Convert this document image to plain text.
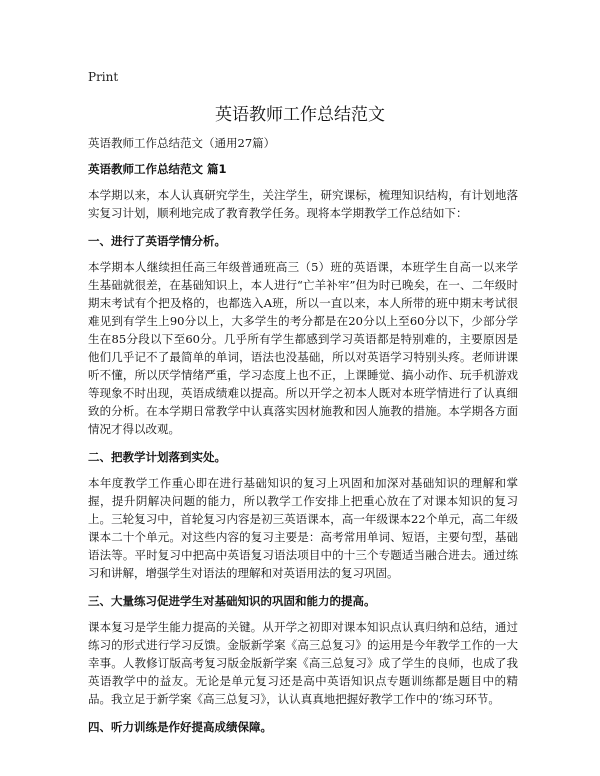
Print
英语教师工作总结范文
英语教师工作总结范文（通用27篇）
英语教师工作总结范文 篇1
本学期以来，本人认真研究学生，关注学生，研究课标，梳理知识结构，有计划地落实复习计划，顺利地完成了教育教学任务。现将本学期教学工作总结如下：
一、进行了英语学情分析。
本学期本人继续担任高三年级普通班高三（5）班的英语课，本班学生自高一以来学生基础就很差，在基础知识上，本人进行“亡羊补牢”但为时已晚矣，在一、二年级时期末考试有个把及格的，也都选入A班，所以一直以来，本人所带的班中期末考试很难见到有学生上90分以上，大多学生的考分都是在20分以上至60分以下，少部分学生在85分段以下至60分。几乎所有学生都感到学习英语都是特别难的，主要原因是他们几乎记不了最简单的单词，语法也没基础，所以对英语学习特别头疼。老师讲课听不懂，所以厌学情绪严重，学习态度上也不正，上课睡觉、搞小动作、玩手机游戏等现象不时出现，英语成绩难以提高。所以开学之初本人既对本班学情进行了认真细致的分析。在本学期日常教学中认真落实因材施教和因人施教的措施。本学期各方面情况才得以改观。
二、把教学计划落到实处。
本年度教学工作重心即在进行基础知识的复习上巩固和加深对基础知识的理解和掌握，提升阴解决问题的能力，所以教学工作安排上把重心放在了对课本知识的复习上。三轮复习中，首轮复习内容是初三英语课本，高一年级课本22个单元，高二年级课本二十个单元。对这些内容的复习主要是：高考常用单词、短语，主要句型，基础语法等。平时复习中把高中英语复习语法项目中的十三个专题适当融合进去。通过练习和讲解，增强学生对语法的理解和对英语用法的复习巩固。
三、大量练习促进学生对基础知识的巩固和能力的提高。
课本复习是学生能力提高的关键。从开学之初即对课本知识点认真归纳和总结，通过练习的形式进行学习反馈。金版新学案《高三总复习》的运用是今年教学工作的一大幸事。人教修订版高考复习版金版新学案《高三总复习》成了学生的良师，也成了我英语教学中的益友。无论是单元复习还是高中英语知识点专题训练都是题目中的精品。我立足于新学案《高三总复习》，认认真真地把握好教学工作中的‘练习环节。
四、听力训练是作好提高成绩保障。
